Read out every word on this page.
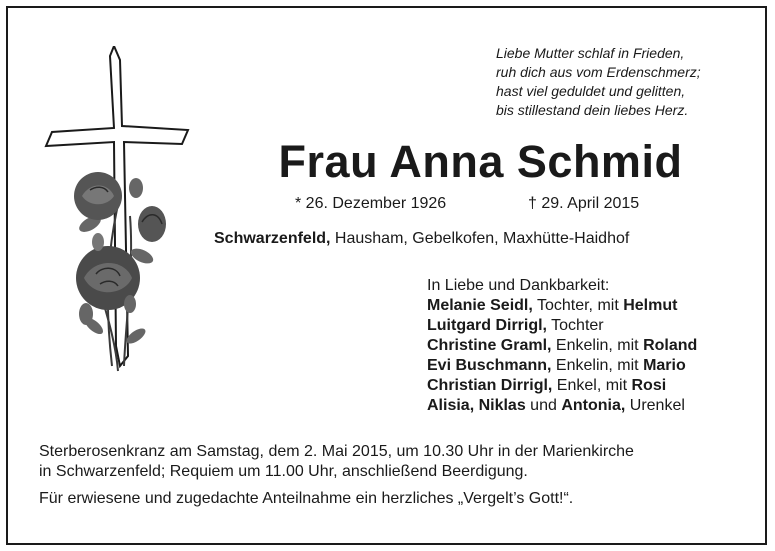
Liebe Mutter schlaf in Frieden,
ruh dich aus vom Erdenschmerz;
hast viel geduldet und gelitten,
bis stillestand dein liebes Herz.
Frau Anna Schmid
* 26. Dezember 1926	† 29. April 2015
Schwarzenfeld, Hausham, Gebelkofen, Maxhütte-Haidhof
In Liebe und Dankbarkeit:
Melanie Seidl, Tochter, mit Helmut
Luitgard Dirrigl, Tochter
Christine Graml, Enkelin, mit Roland
Evi Buschmann, Enkelin, mit Mario
Christian Dirrigl, Enkel, mit Rosi
Alisia, Niklas und Antonia, Urenkel
Sterberosenkranz am Samstag, dem 2. Mai 2015, um 10.30 Uhr in der Marienkirche
in Schwarzenfeld; Requiem um 11.00 Uhr, anschließend Beerdigung.
Für erwiesene und zugedachte Anteilnahme ein herzliches „Vergelt’s Gott!“.
